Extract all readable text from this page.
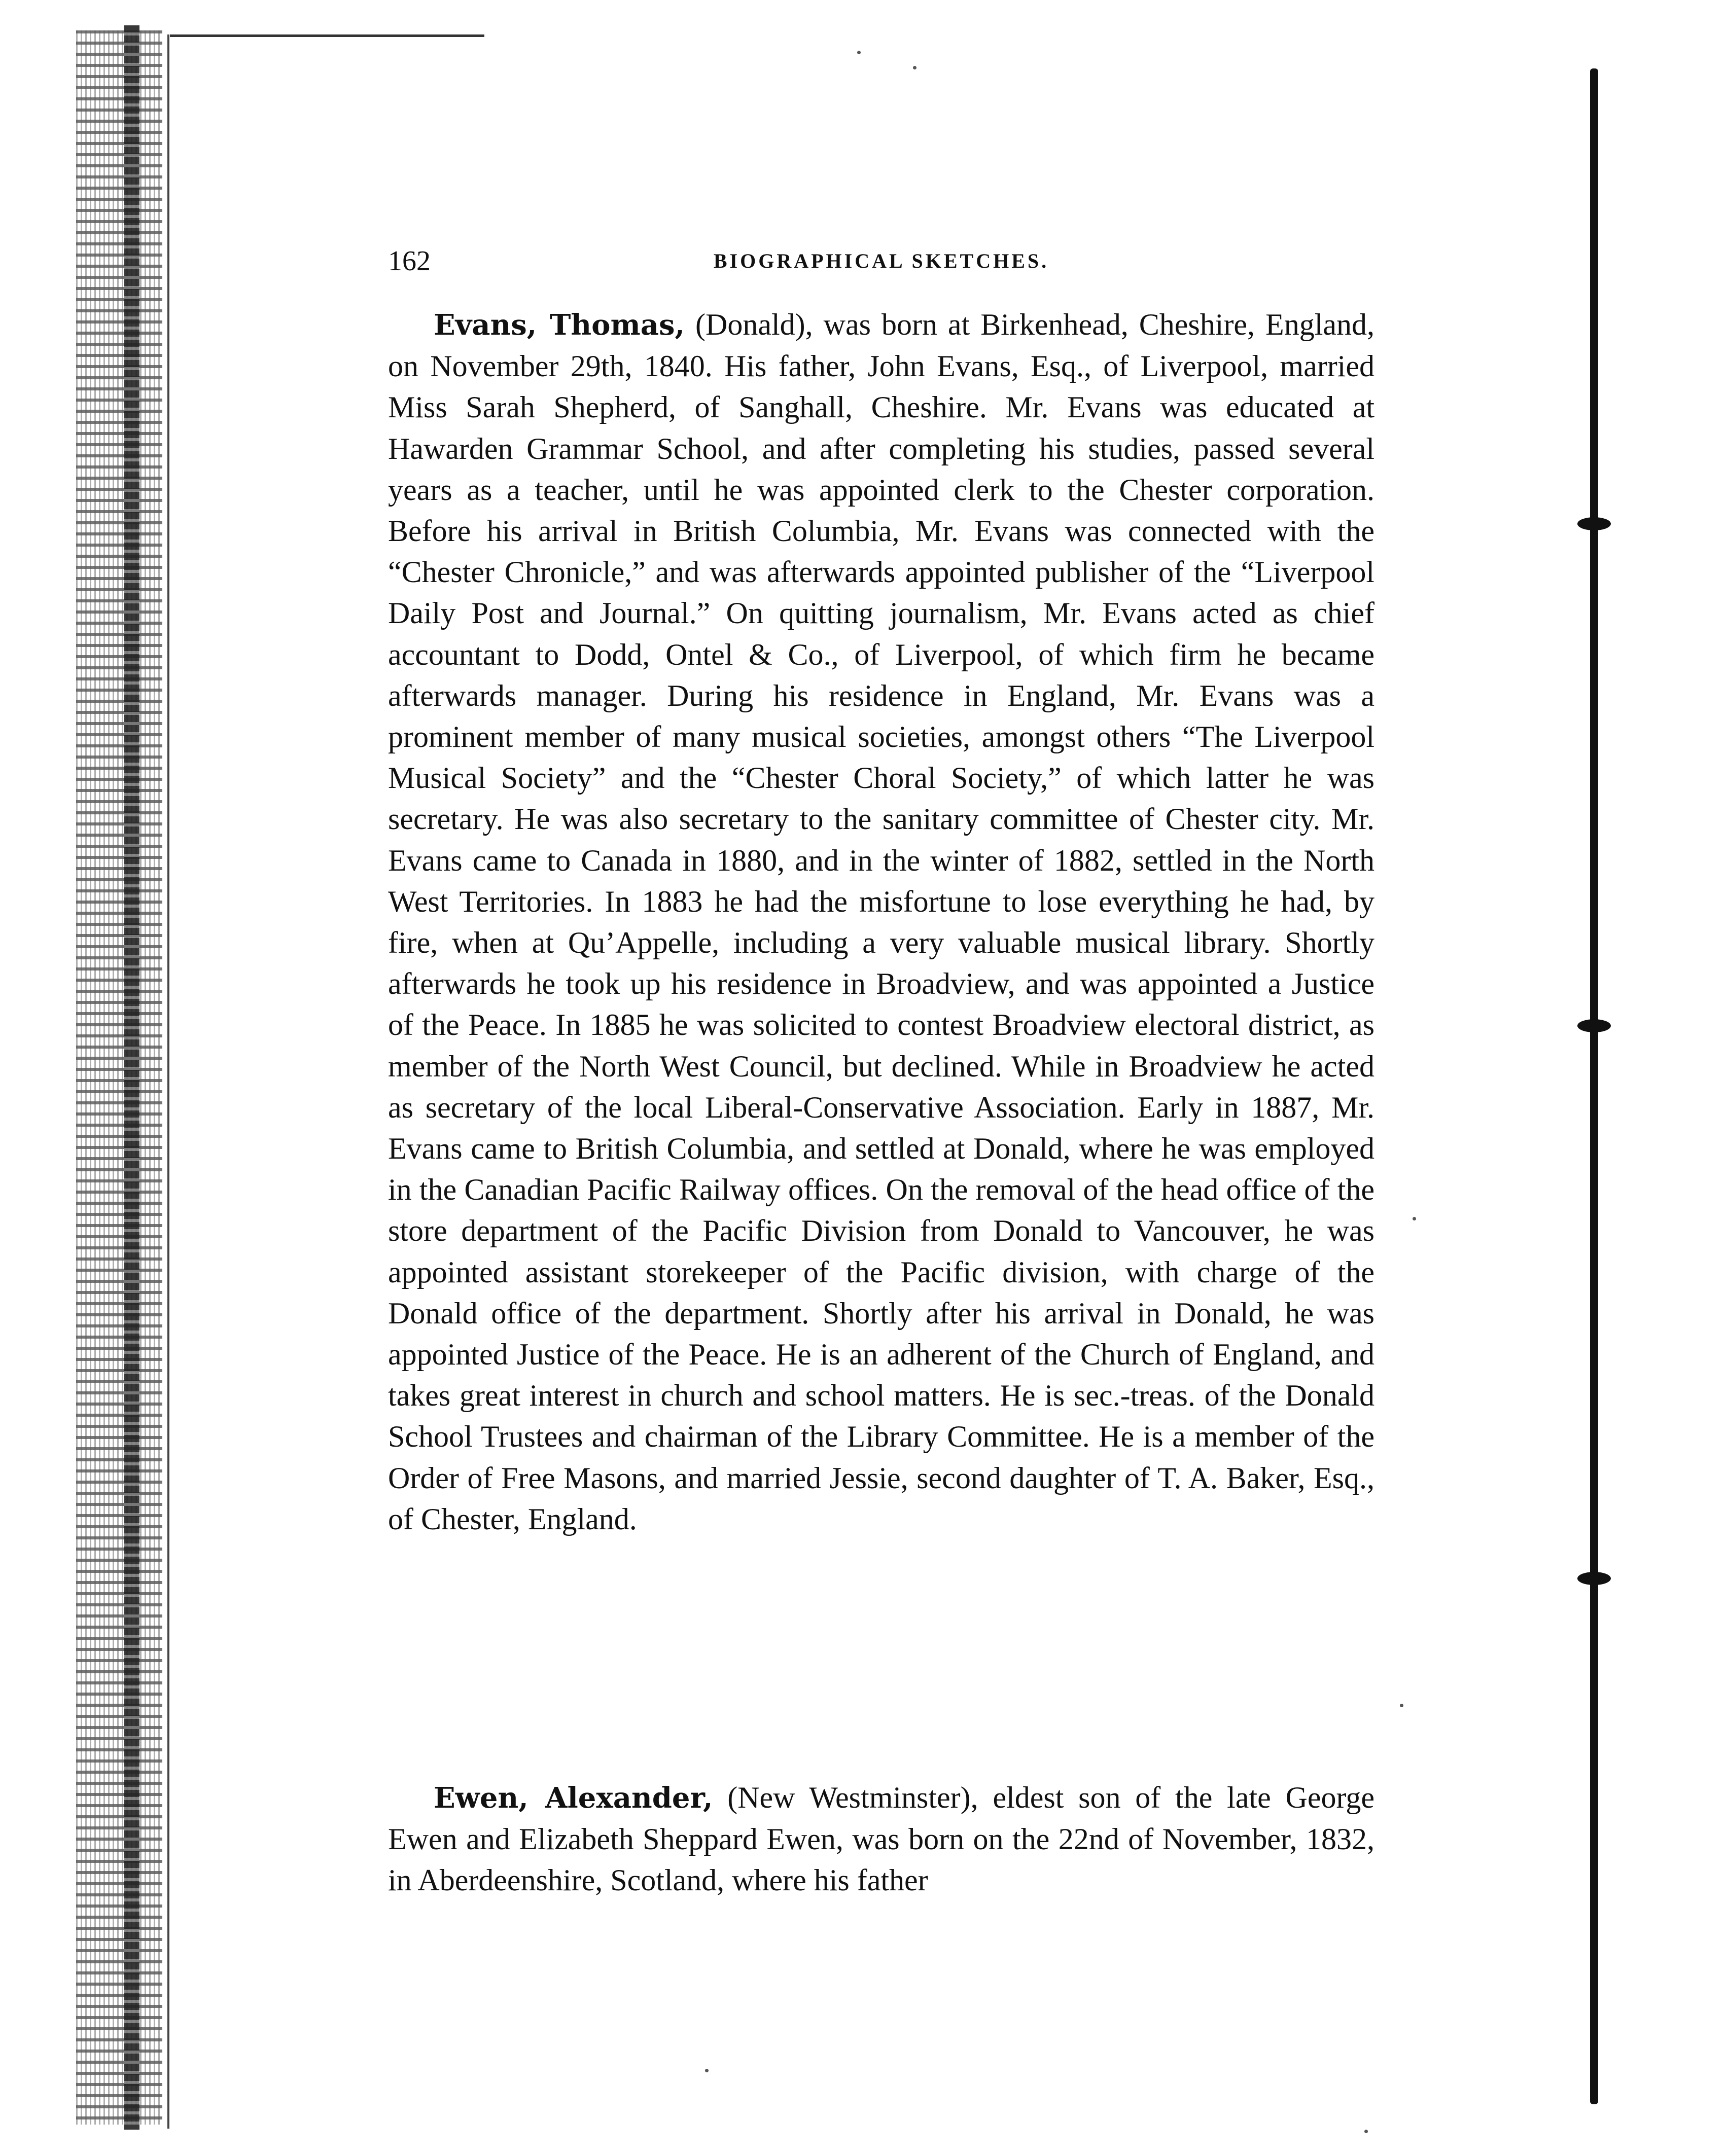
162	BIOGRAPHICAL SKETCHES.

Evans, Thomas, (Donald), was born at Birkenhead, Cheshire, England, on November 29th, 1840. His father, John Evans, Esq., of Liverpool, married Miss Sarah Shepherd, of Sanghall, Cheshire. Mr. Evans was educated at Hawarden Grammar School, and after completing his studies, passed several years as a teacher, until he was appointed clerk to the Chester corporation. Before his arrival in British Columbia, Mr. Evans was connected with the “Chester Chronicle,” and was afterwards appointed publisher of the “Liverpool Daily Post and Journal.” On quitting journalism, Mr. Evans acted as chief accountant to Dodd, Ontel & Co., of Liverpool, of which firm he became afterwards manager. During his residence in England, Mr. Evans was a prominent member of many musical societies, amongst others “The Liverpool Musical Society” and the “Chester Choral Society,” of which latter he was secretary. He was also secretary to the sanitary committee of Chester city. Mr. Evans came to Canada in 1880, and in the winter of 1882, settled in the North West Territories. In 1883 he had the misfortune to lose everything he had, by fire, when at Qu’Appelle, including a very valuable musical library. Shortly afterwards he took up his residence in Broadview, and was appointed a Justice of the Peace. In 1885 he was solicited to contest Broadview electoral district, as member of the North West Council, but declined. While in Broadview he acted as secretary of the local Liberal-Conservative Association. Early in 1887, Mr. Evans came to British Columbia, and settled at Donald, where he was employed in the Canadian Pacific Railway offices. On the removal of the head office of the store department of the Pacific Division from Donald to Vancouver, he was appointed assistant storekeeper of the Pacific division, with charge of the Donald office of the department. Shortly after his arrival in Donald, he was appointed Justice of the Peace. He is an adherent of the Church of England, and takes great interest in church and school matters. He is sec.-treas. of the Donald School Trustees and chairman of the Library Committee. He is a member of the Order of Free Masons, and married Jessie, second daughter of T. A. Baker, Esq., of Chester, England.

Ewen, Alexander, (New Westminster), eldest son of the late George Ewen and Elizabeth Sheppard Ewen, was born on the 22nd of November, 1832, in Aberdeenshire, Scotland, where his father
